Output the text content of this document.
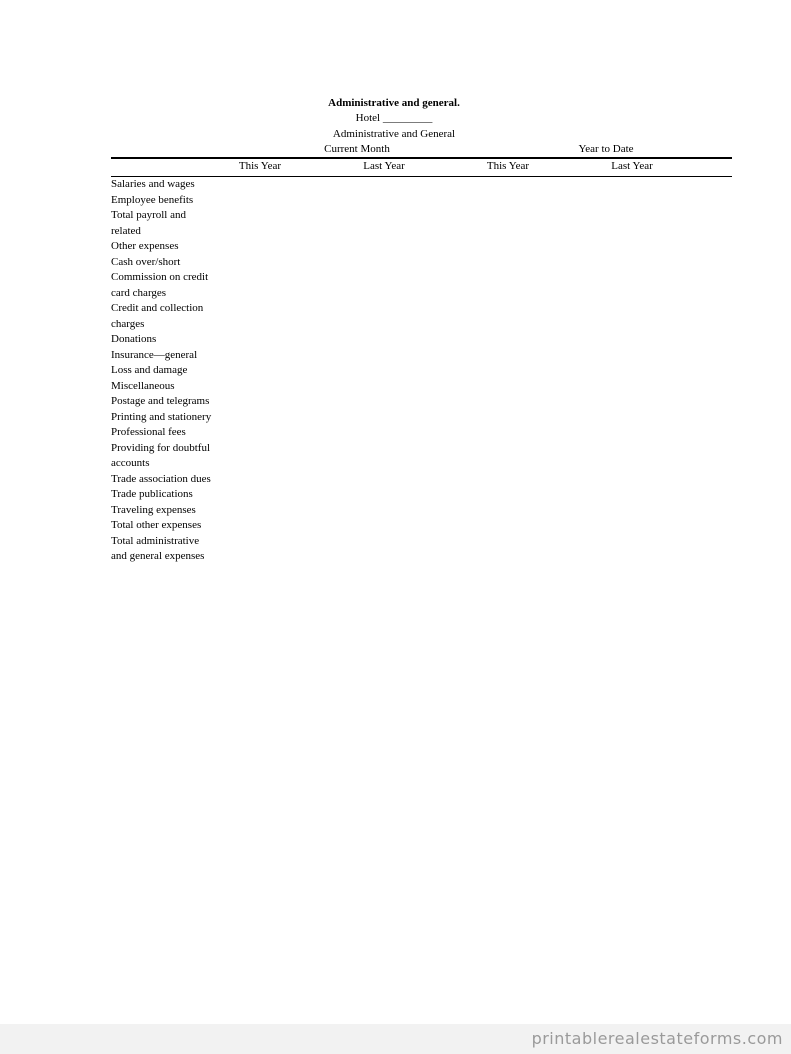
Administrative and general.
Hotel _________
Administrative and General
Current Month	Year to Date
This Year	Last Year	This Year	Last Year
Salaries and wages
Employee benefits
Total payroll and
related
Other expenses
Cash over/short
Commission on credit
card charges
Credit and collection
charges
Donations
Insurance—general
Loss and damage
Miscellaneous
Postage and telegrams
Printing and stationery
Professional fees
Providing for doubtful
accounts
Trade association dues
Trade publications
Traveling expenses
Total other expenses
Total administrative
and general expenses
printablerealestateforms.com
